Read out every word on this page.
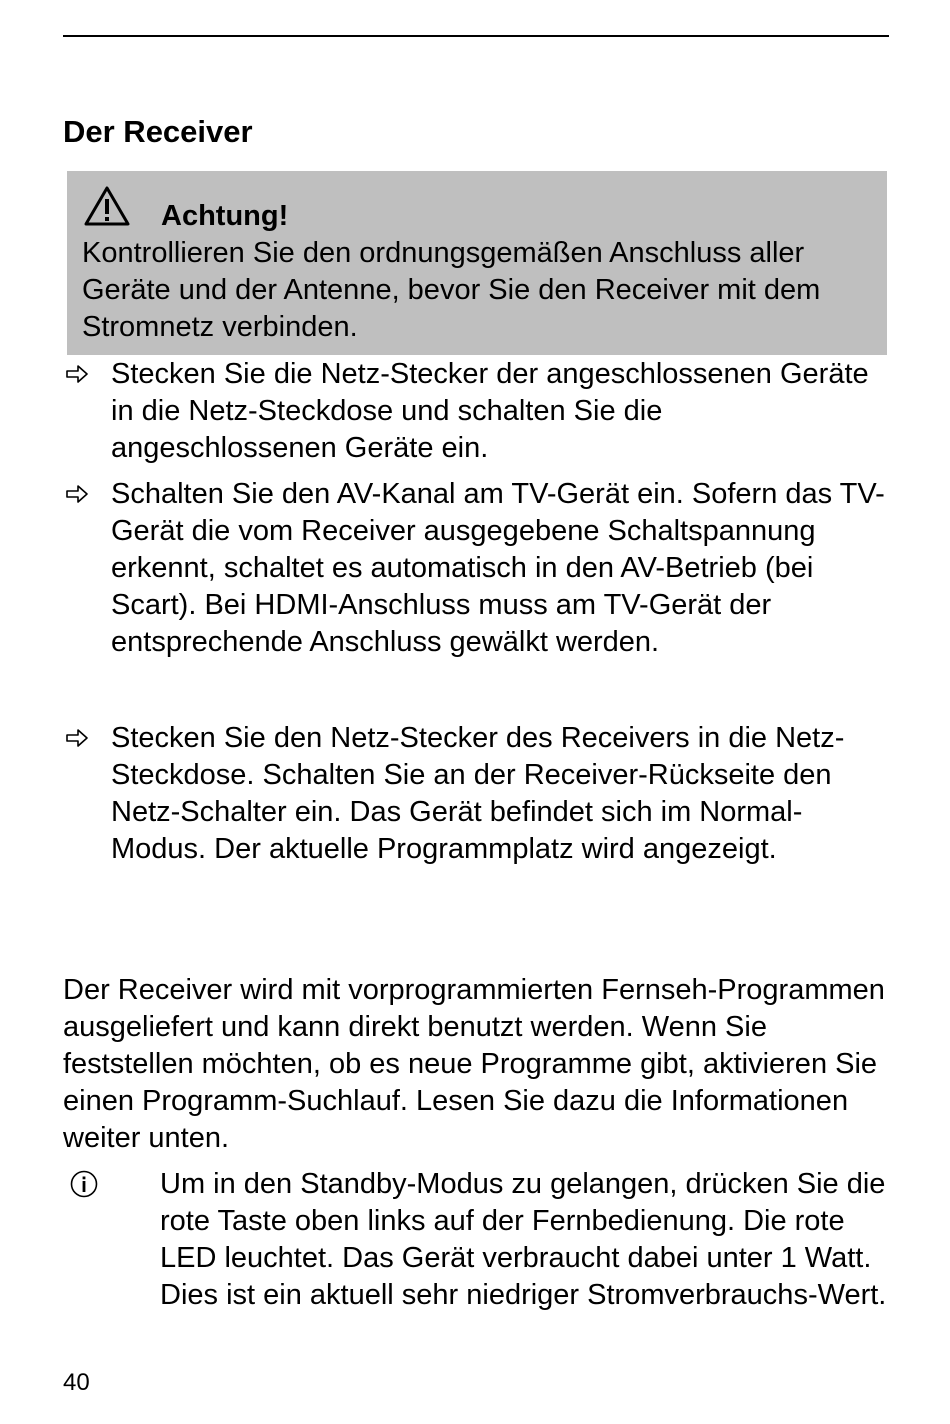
Der Receiver
Achtung!
Kontrollieren Sie den ordnungsgemäßen Anschluss aller Geräte und der Antenne, bevor Sie den Receiver mit dem Stromnetz verbinden.
Stecken Sie die Netz-Stecker der angeschlossenen Geräte in die Netz-Steckdose und schalten Sie die angeschlossenen Geräte ein.
Schalten Sie den AV-Kanal am TV-Gerät ein. Sofern das TV-Gerät die vom Receiver ausgegebene Schaltspannung erkennt, schaltet es automatisch in den AV-Betrieb (bei Scart). Bei HDMI-Anschluss muss am TV-Gerät der entsprechende Anschluss gewälkt werden.
Stecken Sie den Netz-Stecker des Receivers in die Netz-Steckdose. Schalten Sie an der Receiver-Rückseite den Netz-Schalter ein. Das Gerät befindet sich im Normal-Modus. Der aktuelle Programmplatz wird angezeigt.
Der Receiver wird mit vorprogrammierten Fernseh-Programmen ausgeliefert und kann direkt benutzt werden. Wenn Sie feststellen möchten, ob es neue Programme gibt, aktivieren Sie einen Programm-Suchlauf. Lesen Sie dazu die Informationen weiter unten.
Um in den Standby-Modus zu gelangen, drücken Sie die rote Taste oben links auf der Fernbedienung. Die rote LED leuchtet. Das Gerät verbraucht dabei unter 1 Watt. Dies ist ein aktuell sehr niedriger Stromverbrauchs-Wert.
40
